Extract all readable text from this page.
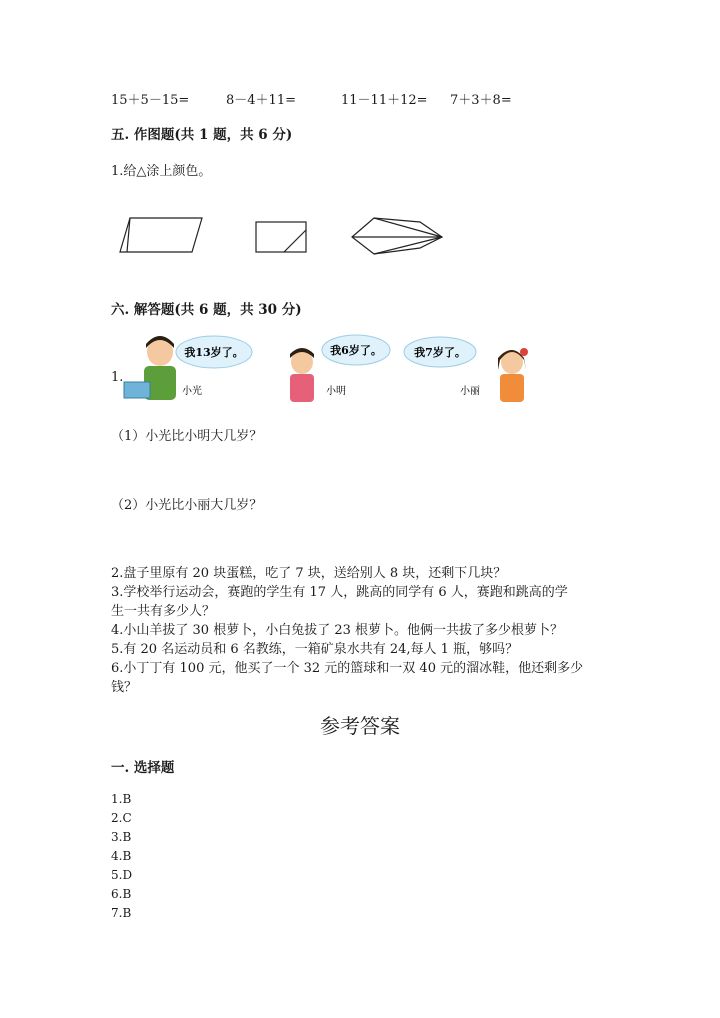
15＋5－15=	8－4＋11=	11－11＋12= 7＋3＋8=
五. 作图题(共 1 题，共 6 分)
1.给△涂上颜色。
六. 解答题(共 6 题，共 30 分)
1.
我13岁了。
小光
我6岁了。
小明
我7岁了。
小丽
（1）小光比小明大几岁？
（2）小光比小丽大几岁？
2.盘子里原有 20 块蛋糕，吃了 7 块，送给别人 8 块，还剩下几块？
3.学校举行运动会，赛跑的学生有 17 人，跳高的同学有 6 人，赛跑和跳高的学
生一共有多少人？
4.小山羊拔了 30 根萝卜，小白兔拔了 23 根萝卜。他俩一共拔了多少根萝卜？
5.有 20 名运动员和 6 名教练，一箱矿泉水共有 24,每人 1 瓶，够吗？
6.小丁丁有 100 元，他买了一个 32 元的篮球和一双 40 元的溜冰鞋，他还剩多少
钱？
参考答案
一. 选择题
1.B
2.C
3.B
4.B
5.D
6.B
7.B
